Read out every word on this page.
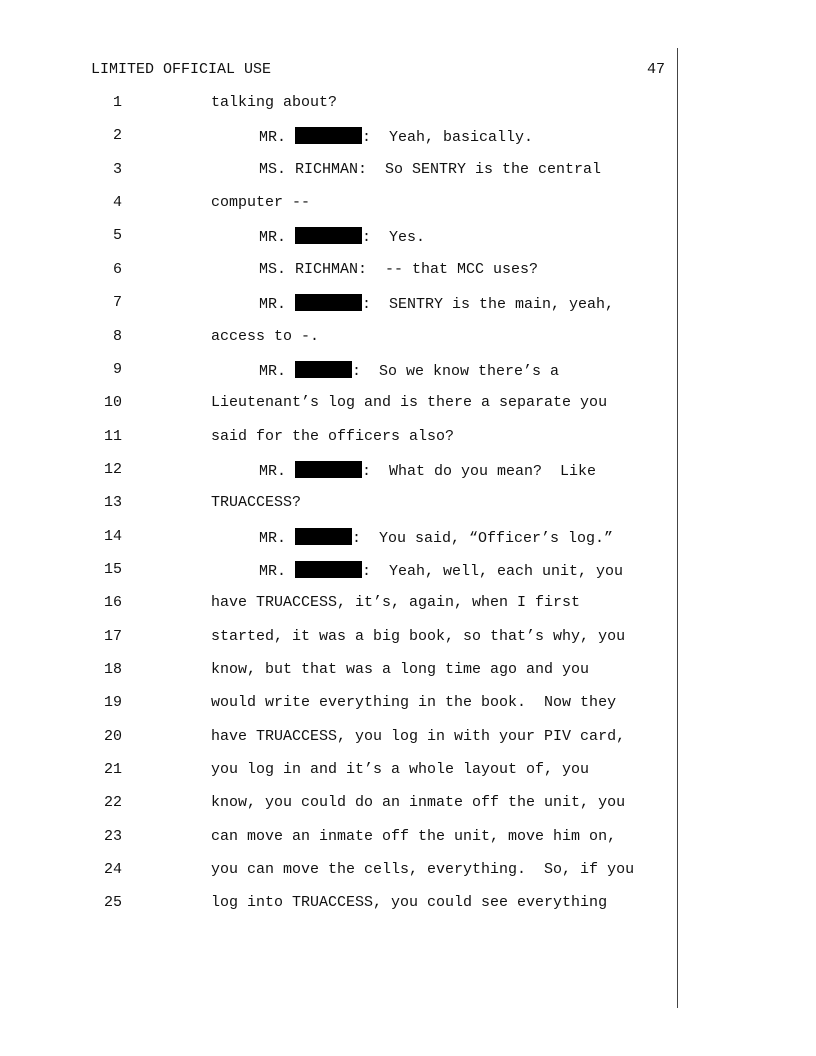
LIMITED OFFICIAL USE	47
1	talking about?
2	MR.	:  Yeah, basically.
3	MS. RICHMAN:  So SENTRY is the central
4	computer --
5	MR.	:  Yes.
6	MS. RICHMAN:  -- that MCC uses?
7	MR.	:  SENTRY is the main, yeah,
8	access to -.
9	MR.	:  So we know there’s a
10	Lieutenant’s log and is there a separate you
11	said for the officers also?
12	MR.	:  What do you mean?  Like
13	TRUACCESS?
14	MR.	:  You said, “Officer’s log.”
15	MR.	:  Yeah, well, each unit, you
16	have TRUACCESS, it’s, again, when I first
17	started, it was a big book, so that’s why, you
18	know, but that was a long time ago and you
19	would write everything in the book.  Now they
20	have TRUACCESS, you log in with your PIV card,
21	you log in and it’s a whole layout of, you
22	know, you could do an inmate off the unit, you
23	can move an inmate off the unit, move him on,
24	you can move the cells, everything.  So, if you
25	log into TRUACCESS, you could see everything
